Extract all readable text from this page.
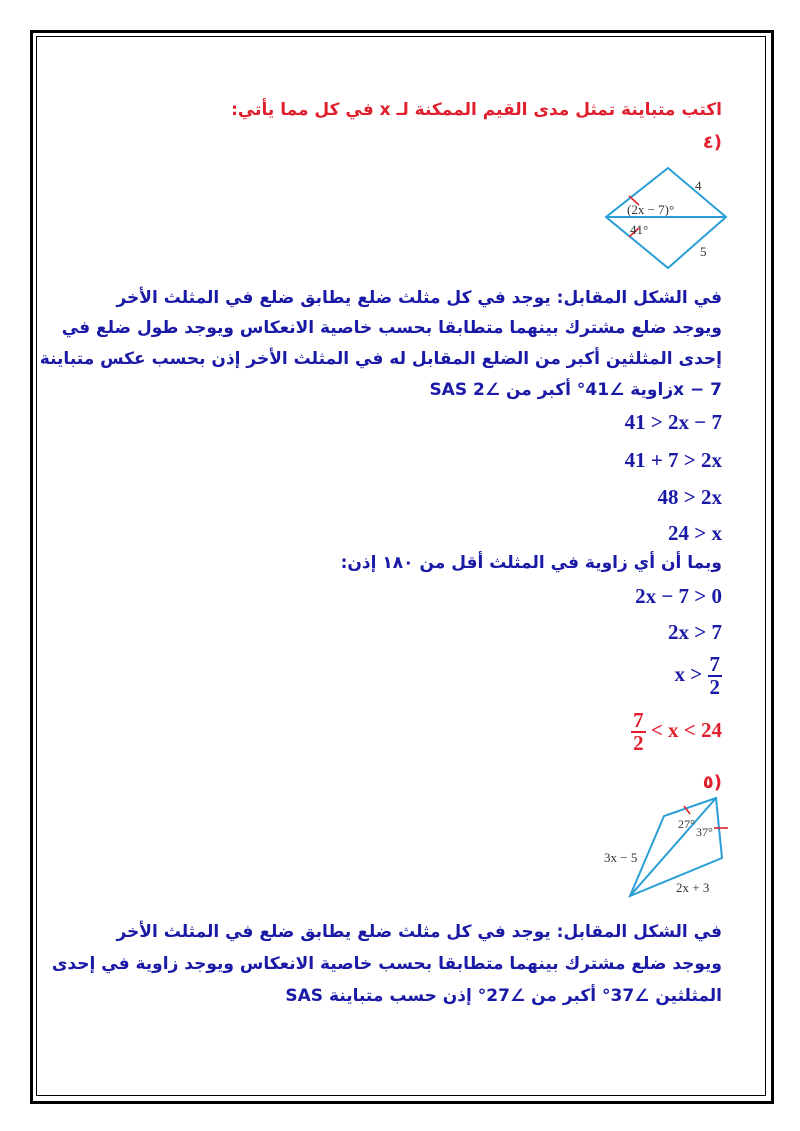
اكتب متباينة تمثل مدى القيم الممكنة لـ x في كل مما يأتي:
٤)
(2x − 7)°
41°
4
5
في الشكل المقابل: يوجد في كل مثلث ضلع يطابق ضلع في المثلث الأخر
ويوجد ضلع مشترك بينهما متطابقا بحسب خاصية الانعكاس ويوجد طول ضلع في
إحدى المثلثين أكبر من الضلع المقابل له في المثلث الأخر إذن بحسب عكس متباينة
SAS زاوية ∠41° أكبر من ∠2x − 7
41 > 2x − 7
41 + 7 > 2x
48 > 2x
24 > x
وبما أن أي زاوية في المثلث أقل من ١٨٠ إذن:
2x − 7 > 0
2x > 7
$x > \frac{7}{2}$
$\frac{7}{2} < x < 24$
٥)
27°
37°
3x − 5
2x + 3
في الشكل المقابل: يوجد في كل مثلث ضلع يطابق ضلع في المثلث الأخر
ويوجد ضلع مشترك بينهما متطابقا بحسب خاصية الانعكاس ويوجد زاوية في إحدى
المثلثين ∠37° أكبر من ∠27° إذن حسب متباينة SAS
